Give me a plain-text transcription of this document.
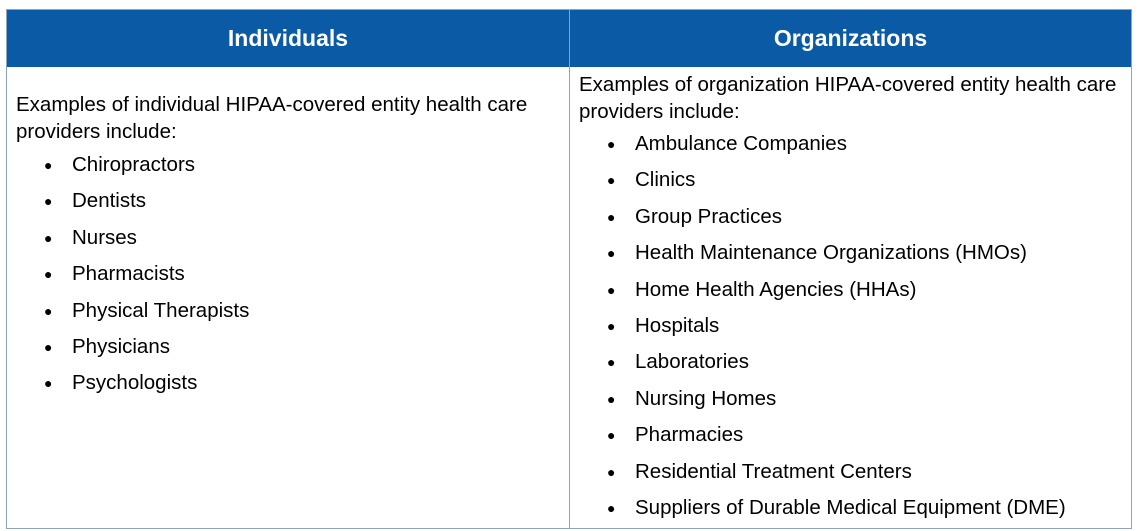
Individuals	Organizations

Examples of individual HIPAA-covered entity health care providers include:

● Chiropractors
● Dentists
● Nurses
● Pharmacists
● Physical Therapists
● Physicians
● Psychologists

Examples of organization HIPAA-covered entity health care providers include:

● Ambulance Companies
● Clinics
● Group Practices
● Health Maintenance Organizations (HMOs)
● Home Health Agencies (HHAs)
● Hospitals
● Laboratories
● Nursing Homes
● Pharmacies
● Residential Treatment Centers
● Suppliers of Durable Medical Equipment (DME)
